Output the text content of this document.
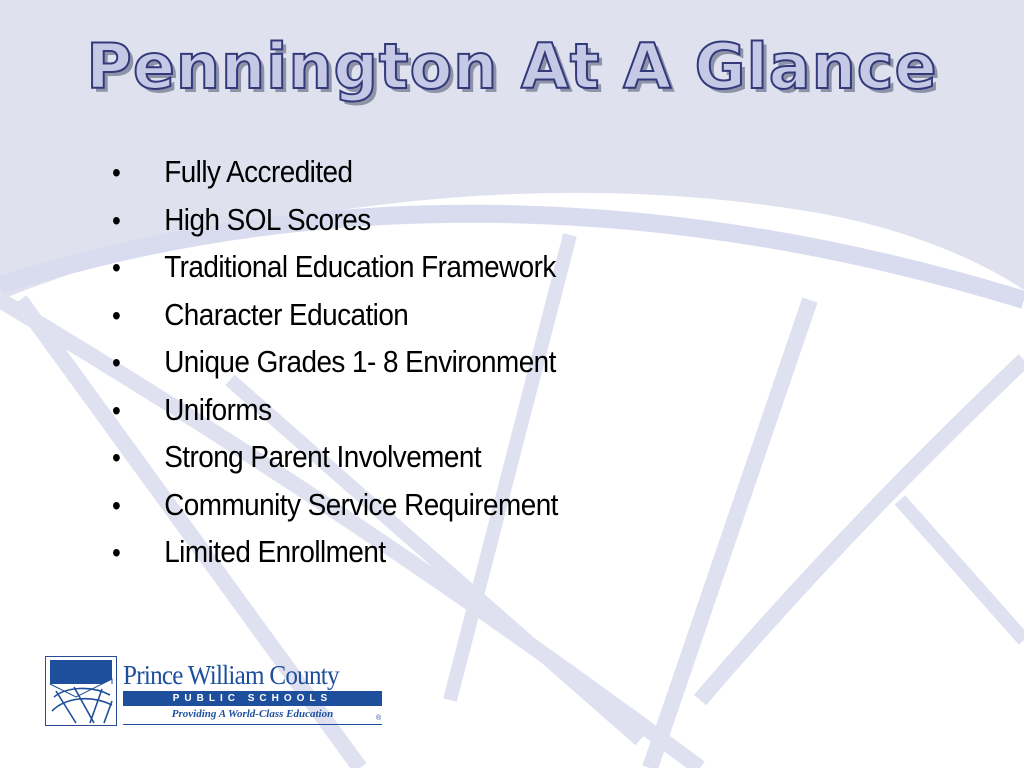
Pennington At A Glance
•	Fully Accredited
•	High SOL Scores
•	Traditional Education Framework
•	Character Education
•	Unique Grades 1- 8 Environment
•	Uniforms
•	Strong Parent Involvement
•	Community Service Requirement
•	Limited Enrollment
Prince William County
PUBLIC SCHOOLS
Providing A World-Class Education	®
